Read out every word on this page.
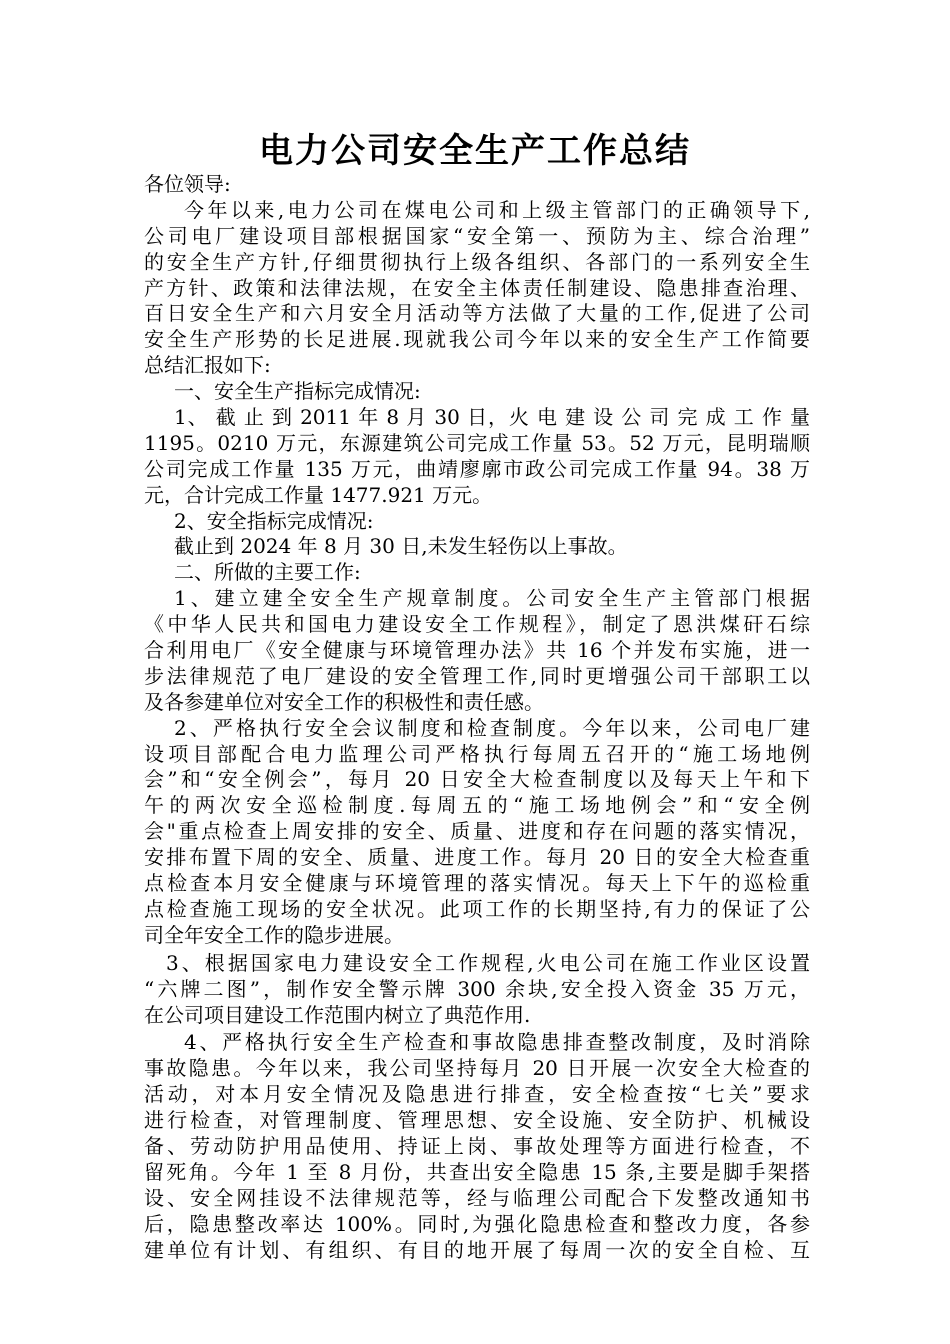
电力公司安全生产工作总结
各位领导:
今年以来,电力公司在煤电公司和上级主管部门的正确领导下,
公司电厂建设项目部根据国家“安全第一、预防为主、综合治理”
的安全生产方针,仔细贯彻执行上级各组织、各部门的一系列安全生
产方针、政策和法律法规，在安全主体责任制建设、隐患排查治理、
百日安全生产和六月安全月活动等方法做了大量的工作,促进了公司
安全生产形势的长足进展.现就我公司今年以来的安全生产工作简要
总结汇报如下:
一、安全生产指标完成情况:
1、 截 止 到 2011 年 8 月 30 日，火 电 建 设 公 司 完 成 工 作 量
1195。0210 万元，东源建筑公司完成工作量 53。52 万元，昆明瑞顺
公司完成工作量 135 万元，曲靖廖廓市政公司完成工作量 94。38 万
元，合计完成工作量 1477.921 万元。
2、安全指标完成情况:
截止到 2024 年 8 月 30 日,未发生轻伤以上事故。
二、所做的主要工作:
1、建立建全安全生产规章制度。公司安全生产主管部门根据
《中华人民共和国电力建设安全工作规程》，制定了恩洪煤矸石综
合利用电厂《安全健康与环境管理办法》共 16 个并发布实施，进一
步法律规范了电厂建设的安全管理工作,同时更增强公司干部职工以
及各参建单位对安全工作的积极性和责任感。
2、严格执行安全会议制度和检查制度。今年以来，公司电厂建
设项目部配合电力监理公司严格执行每周五召开的“施工场地例
会”和“安全例会”，每月 20 日安全大检查制度以及每天上午和下
午的两次安全巡检制度.每周五的“施工场地例会”和“安全例
会"重点检查上周安排的安全、质量、进度和存在问题的落实情况，
安排布置下周的安全、质量、进度工作。每月 20 日的安全大检查重
点检查本月安全健康与环境管理的落实情况。每天上下午的巡检重
点检查施工现场的安全状况。此项工作的长期坚持,有力的保证了公
司全年安全工作的隐步进展。
3、根据国家电力建设安全工作规程,火电公司在施工作业区设置
“六牌二图”，制作安全警示牌 300 余块,安全投入资金 35 万元，
在公司项目建设工作范围内树立了典范作用.
4、严格执行安全生产检查和事故隐患排查整改制度，及时消除
事故隐患。今年以来，我公司坚持每月 20 日开展一次安全大检查的
活动，对本月安全情况及隐患进行排查，安全检查按“七关”要求
进行检查，对管理制度、管理思想、安全设施、安全防护、机械设
备、劳动防护用品使用、持证上岗、事故处理等方面进行检查，不
留死角。今年 1 至 8 月份，共查出安全隐患 15 条,主要是脚手架搭
设、安全网挂设不法律规范等，经与临理公司配合下发整改通知书
后，隐患整改率达 100%。同时,为强化隐患检查和整改力度，各参
建单位有计划、有组织、有目的地开展了每周一次的安全自检、互
